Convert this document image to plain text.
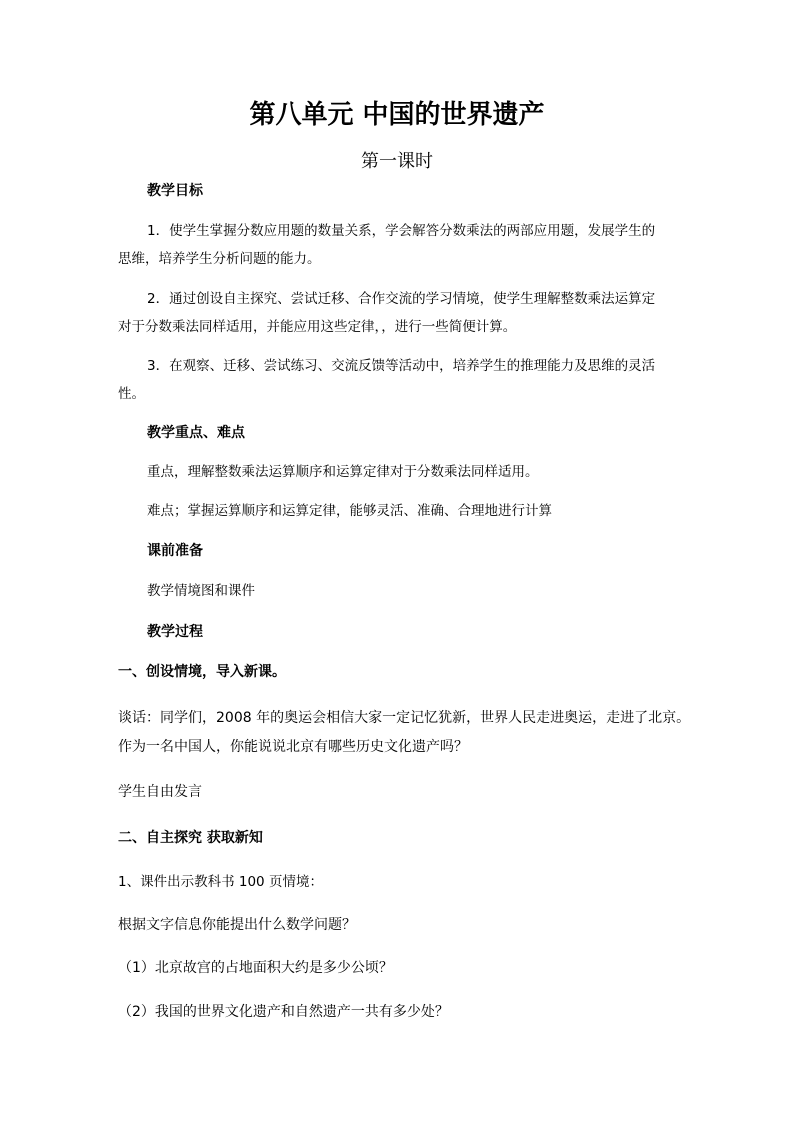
第八单元 中国的世界遗产
第一课时
教学目标
1．使学生掌握分数应用题的数量关系，学会解答分数乘法的两部应用题，发展学生的
思维，培养学生分析问题的能力。
2．通过创设自主探究、尝试迁移、合作交流的学习情境，使学生理解整数乘法运算定
对于分数乘法同样适用，并能应用这些定律，，进行一些简便计算。
3．在观察、迁移、尝试练习、交流反馈等活动中，培养学生的推理能力及思维的灵活
性。
教学重点、难点
重点，理解整数乘法运算顺序和运算定律对于分数乘法同样适用。
难点；掌握运算顺序和运算定律，能够灵活、准确、合理地进行计算
课前准备
教学情境图和课件
教学过程
一、创设情境，导入新课。
谈话：同学们，2008 年的奥运会相信大家一定记忆犹新，世界人民走进奥运，走进了北京。
作为一名中国人，你能说说北京有哪些历史文化遗产吗？
学生自由发言
二、自主探究 获取新知
1、课件出示教科书 100 页情境：
根据文字信息你能提出什么数学问题？
（1）北京故宫的占地面积大约是多少公顷？
（2）我国的世界文化遗产和自然遗产一共有多少处？
